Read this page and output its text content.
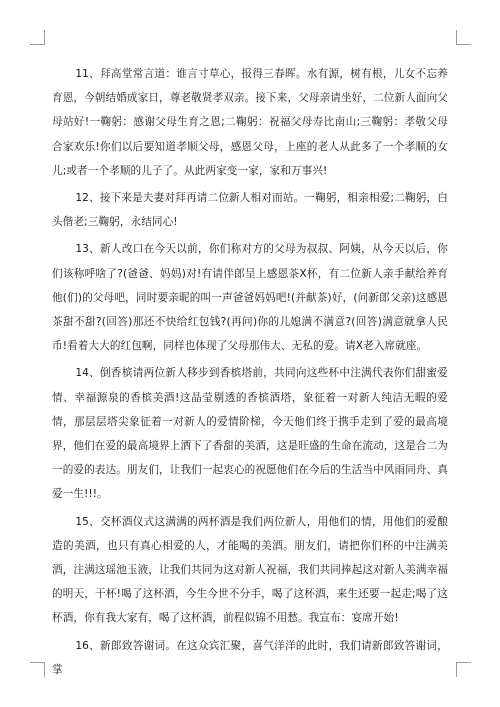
11、拜高堂常言道：谁言寸草心，报得三春晖。水有源，树有根，儿女不忘养育恩，今朝结婚成家日，尊老敬贤孝双亲。接下来，父母亲请坐好，二位新人面向父母站好!一鞠躬：感谢父母生育之恩;二鞠躬：祝福父母寿比南山;三鞠躬：孝敬父母合家欢乐!你们以后要知道孝顺父母，感恩父母，上座的老人从此多了一个孝顺的女儿;或者一个孝顺的儿子了。从此两家变一家，家和万事兴!

12、接下来是夫妻对拜再请二位新人相对而站。一鞠躬，相亲相爱;二鞠躬，白头偕老;三鞠躬，永结同心!

13、新人改口在今天以前，你们称对方的父母为叔叔、阿姨，从今天以后，你们该称呼啥了?(爸爸、妈妈)对!有请伴郎呈上感恩茶X杯，有二位新人亲手献给养育他(们)的父母吧，同时要亲昵的叫一声爸爸妈妈吧!(并献茶)好，(问新郎父亲)这感恩茶甜不甜?(回答)那还不快给红包钱?(再问)你的儿媳满不满意?(回答)满意就拿人民币!看着大大的红包啊，同样也体现了父母那伟大、无私的爱。请X老入席就座。

14、倒香槟请两位新人移步到香槟塔前，共同向这些杯中注满代表你们甜蜜爱情、幸福源泉的香槟美酒!这晶莹剔透的香槟酒塔，象征着一对新人纯洁无暇的爱情，那层层塔尖象征着一对新人的爱情阶梯，今天他们终于携手走到了爱的最高境界，他们在爱的最高境界上洒下了香甜的美酒，这是旺盛的生命在流动，这是合二为一的爱的表达。朋友们，让我们一起衷心的祝愿他们在今后的生活当中风雨同舟、真爱一生!!!。

15、交杯酒仪式这满满的两杯酒是我们两位新人，用他们的情，用他们的爱酿造的美酒，也只有真心相爱的人，才能喝的美酒。朋友们，请把你们杯的中注满美酒，注满这瑶池玉液，让我们共同为这对新人祝福，我们共同捧起这对新人美满幸福的明天，干杯!喝了这杯酒，今生今世不分手，喝了这杯酒，来生还要一起走;喝了这杯酒，你有我大家有，喝了这杯酒，前程似锦不用愁。我宣布：宴席开始!

16、新郎致答谢词。在这众宾汇聚，喜气洋洋的此时，我们请新郎致答谢词，掌
